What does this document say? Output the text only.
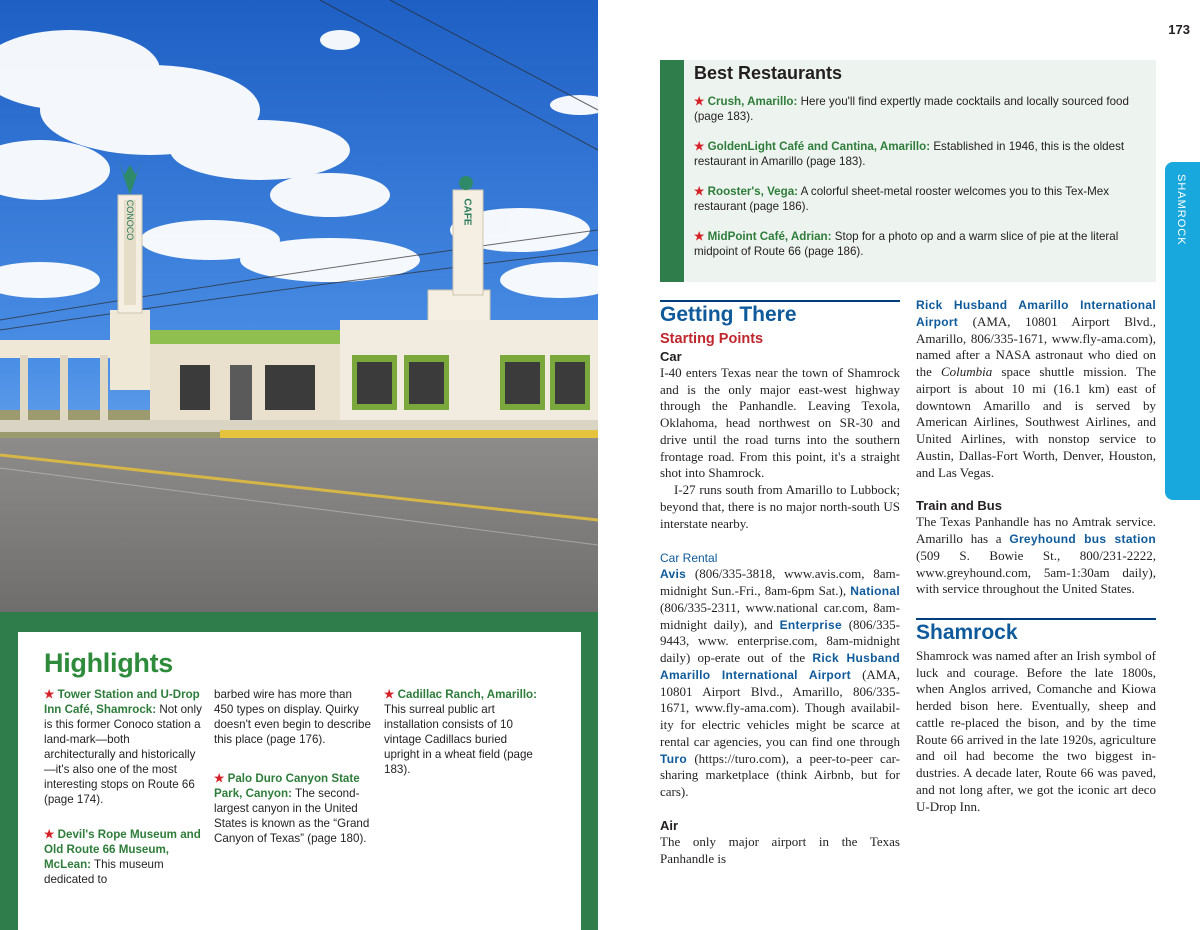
CONOCO	CAFE
Highlights
★ Tower Station and U-Drop Inn Café, Shamrock: Not only is this former Conoco station a land-mark—both architecturally and historically—it's also one of the most interesting stops on Route 66 (page 174).
★ Devil's Rope Museum and Old Route 66 Museum, McLean: This museum dedicated to
barbed wire has more than 450 types on display. Quirky doesn't even begin to describe this place (page 176).
★ Palo Duro Canyon State Park, Canyon: The second-largest canyon in the United States is known as the “Grand Canyon of Texas” (page 180).
★ Cadillac Ranch, Amarillo: This surreal public art installation consists of 10 vintage Cadillacs buried upright in a wheat field (page 183).
173
SHAMROCK
Best Restaurants
★ Crush, Amarillo: Here you'll find expertly made cocktails and locally sourced food (page 183).
★ GoldenLight Café and Cantina, Amarillo: Established in 1946, this is the oldest restaurant in Amarillo (page 183).
★ Rooster's, Vega: A colorful sheet-metal rooster welcomes you to this Tex-Mex restaurant (page 186).
★ MidPoint Café, Adrian: Stop for a photo op and a warm slice of pie at the literal midpoint of Route 66 (page 186).
Getting There
Starting Points
Car

I-40 enters Texas near the town of Shamrock and is the only major east-west highway through the Panhandle. Leaving Texola, Oklahoma, head northwest on SR-30 and drive until the road turns into the southern frontage road. From this point, it's a straight shot into Shamrock.

I-27 runs south from Amarillo to Lubbock; beyond that, there is no major north-south US interstate nearby.

Car Rental

Avis (806/335-3818, www.avis.com, 8am-midnight Sun.-Fri., 8am-6pm Sat.), National (806/335-2311, www.national car.com, 8am-midnight daily), and Enterprise (806/335-9443, www. enterprise.com, 8am-midnight daily) op-erate out of the Rick Husband Amarillo International Airport (AMA, 10801 Airport Blvd., Amarillo, 806/335-1671, www.fly-ama.com). Though availabil-ity for electric vehicles might be scarce at rental car agencies, you can find one through Turo (https://turo.com), a peer-to-peer car-sharing marketplace (think Airbnb, but for cars).

Air

The only major airport in the Texas Panhandle is

Rick Husband Amarillo International Airport (AMA, 10801 Airport Blvd., Amarillo, 806/335-1671, www.fly-ama.com), named after a NASA astronaut who died on the Columbia space shuttle mission. The airport is about 10 mi (16.1 km) east of downtown Amarillo and is served by American Airlines, Southwest Airlines, and United Airlines, with nonstop service to Austin, Dallas-Fort Worth, Denver, Houston, and Las Vegas.

Train and Bus

The Texas Panhandle has no Amtrak service. Amarillo has a Greyhound bus station (509 S. Bowie St., 800/231-2222, www.greyhound.com, 5am-1:30am daily), with service throughout the United States.

Shamrock

Shamrock was named after an Irish symbol of luck and courage. Before the late 1800s, when Anglos arrived, Comanche and Kiowa herded bison here. Eventually, sheep and cattle re-placed the bison, and by the time Route 66 arrived in the late 1920s, agriculture and oil had become the two biggest in-dustries. A decade later, Route 66 was paved, and not long after, we got the iconic art deco U-Drop Inn.
